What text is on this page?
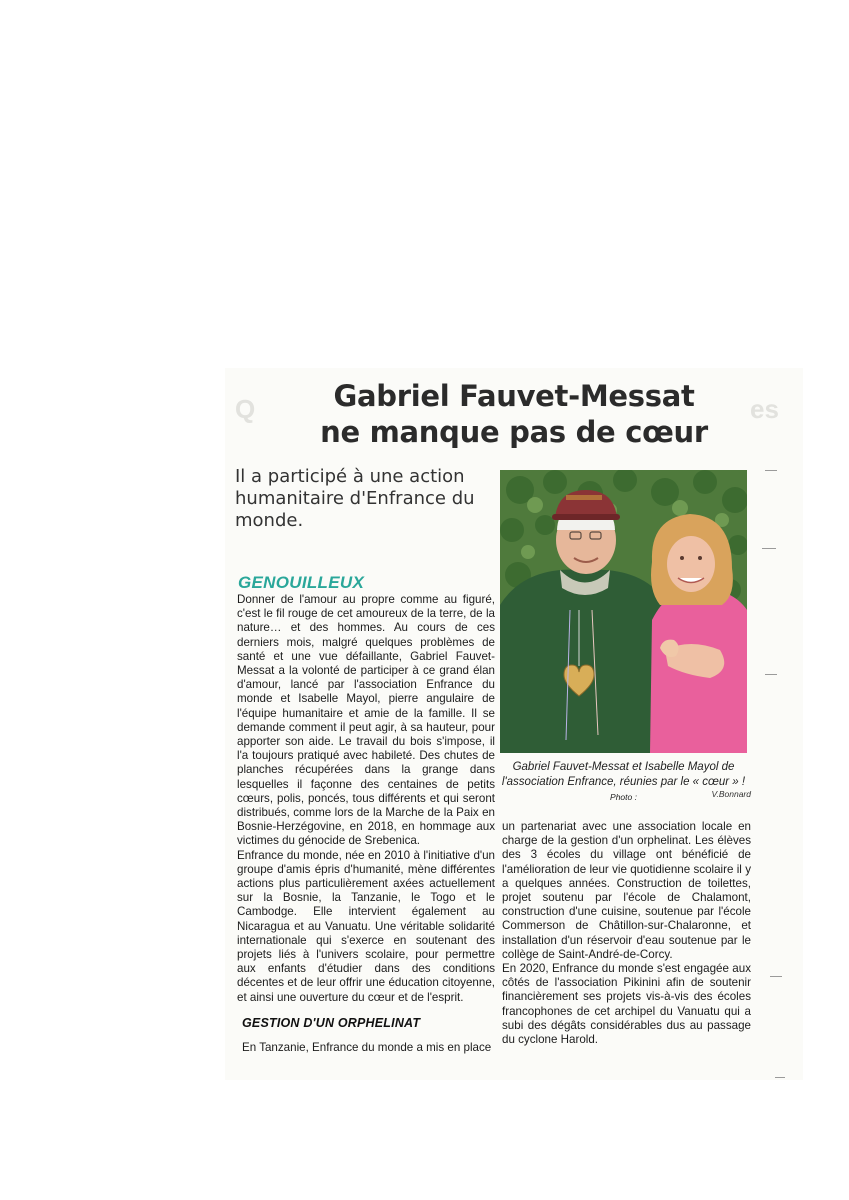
Q	es
Gabriel Fauvet-Messat
ne manque pas de cœur
Il a participé à une action humanitaire d'Enfrance du monde.
Gabriel Fauvet-Messat et Isabelle Mayol de l'association Enfrance, réunies par le « cœur » ! Photo :	V.Bonnard
GENOUILLEUX

Donner de l'amour au propre comme au figuré, c'est le fil rouge de cet amoureux de la terre, de la nature… et des hommes. Au cours de ces derniers mois, malgré quelques problèmes de santé et une vue défaillante, Gabriel Fauvet-Messat a la volonté de participer à ce grand élan d'amour, lancé par l'association Enfrance du monde et Isabelle Mayol, pierre angulaire de l'équipe humanitaire et amie de la famille. Il se demande comment il peut agir, à sa hauteur, pour apporter son aide. Le travail du bois s'impose, il l'a toujours pratiqué avec habileté. Des chutes de planches récupérées dans la grange dans lesquelles il façonne des centaines de petits cœurs, polis, poncés, tous différents et qui seront distribués, comme lors de la Marche de la Paix en Bosnie-Herzégovine, en 2018, en hommage aux victimes du génocide de Srebenica.

Enfrance du monde, née en 2010 à l'initiative d'un groupe d'amis épris d'humanité, mène différentes actions plus particulièrement axées actuellement sur la Bosnie, la Tanzanie, le Togo et le Cambodge. Elle intervient également au Nicaragua et au Vanuatu. Une véritable solidarité internationale qui s'exerce en soutenant des projets liés à l'univers scolaire, pour permettre aux enfants d'étudier dans des conditions décentes et de leur offrir une éducation citoyenne, et ainsi une ouverture du cœur et de l'esprit.

GESTION D'UN ORPHELINAT
En Tanzanie, Enfrance du monde a mis en place

un partenariat avec une association locale en charge de la gestion d'un orphelinat. Les élèves des 3 écoles du village ont bénéficié de l'amélioration de leur vie quotidienne scolaire il y a quelques années. Construction de toilettes, projet soutenu par l'école de Chalamont, construction d'une cuisine, soutenue par l'école Commerson de Châtillon-sur-Chalaronne, et installation d'un réservoir d'eau soutenue par le collège de Saint-André-de-Corcy.

En 2020, Enfrance du monde s'est engagée aux côtés de l'association Pikinini afin de soutenir financièrement ses projets vis-à-vis des écoles francophones de cet archipel du Vanuatu qui a subi des dégâts considérables dus au passage du cyclone Harold.
